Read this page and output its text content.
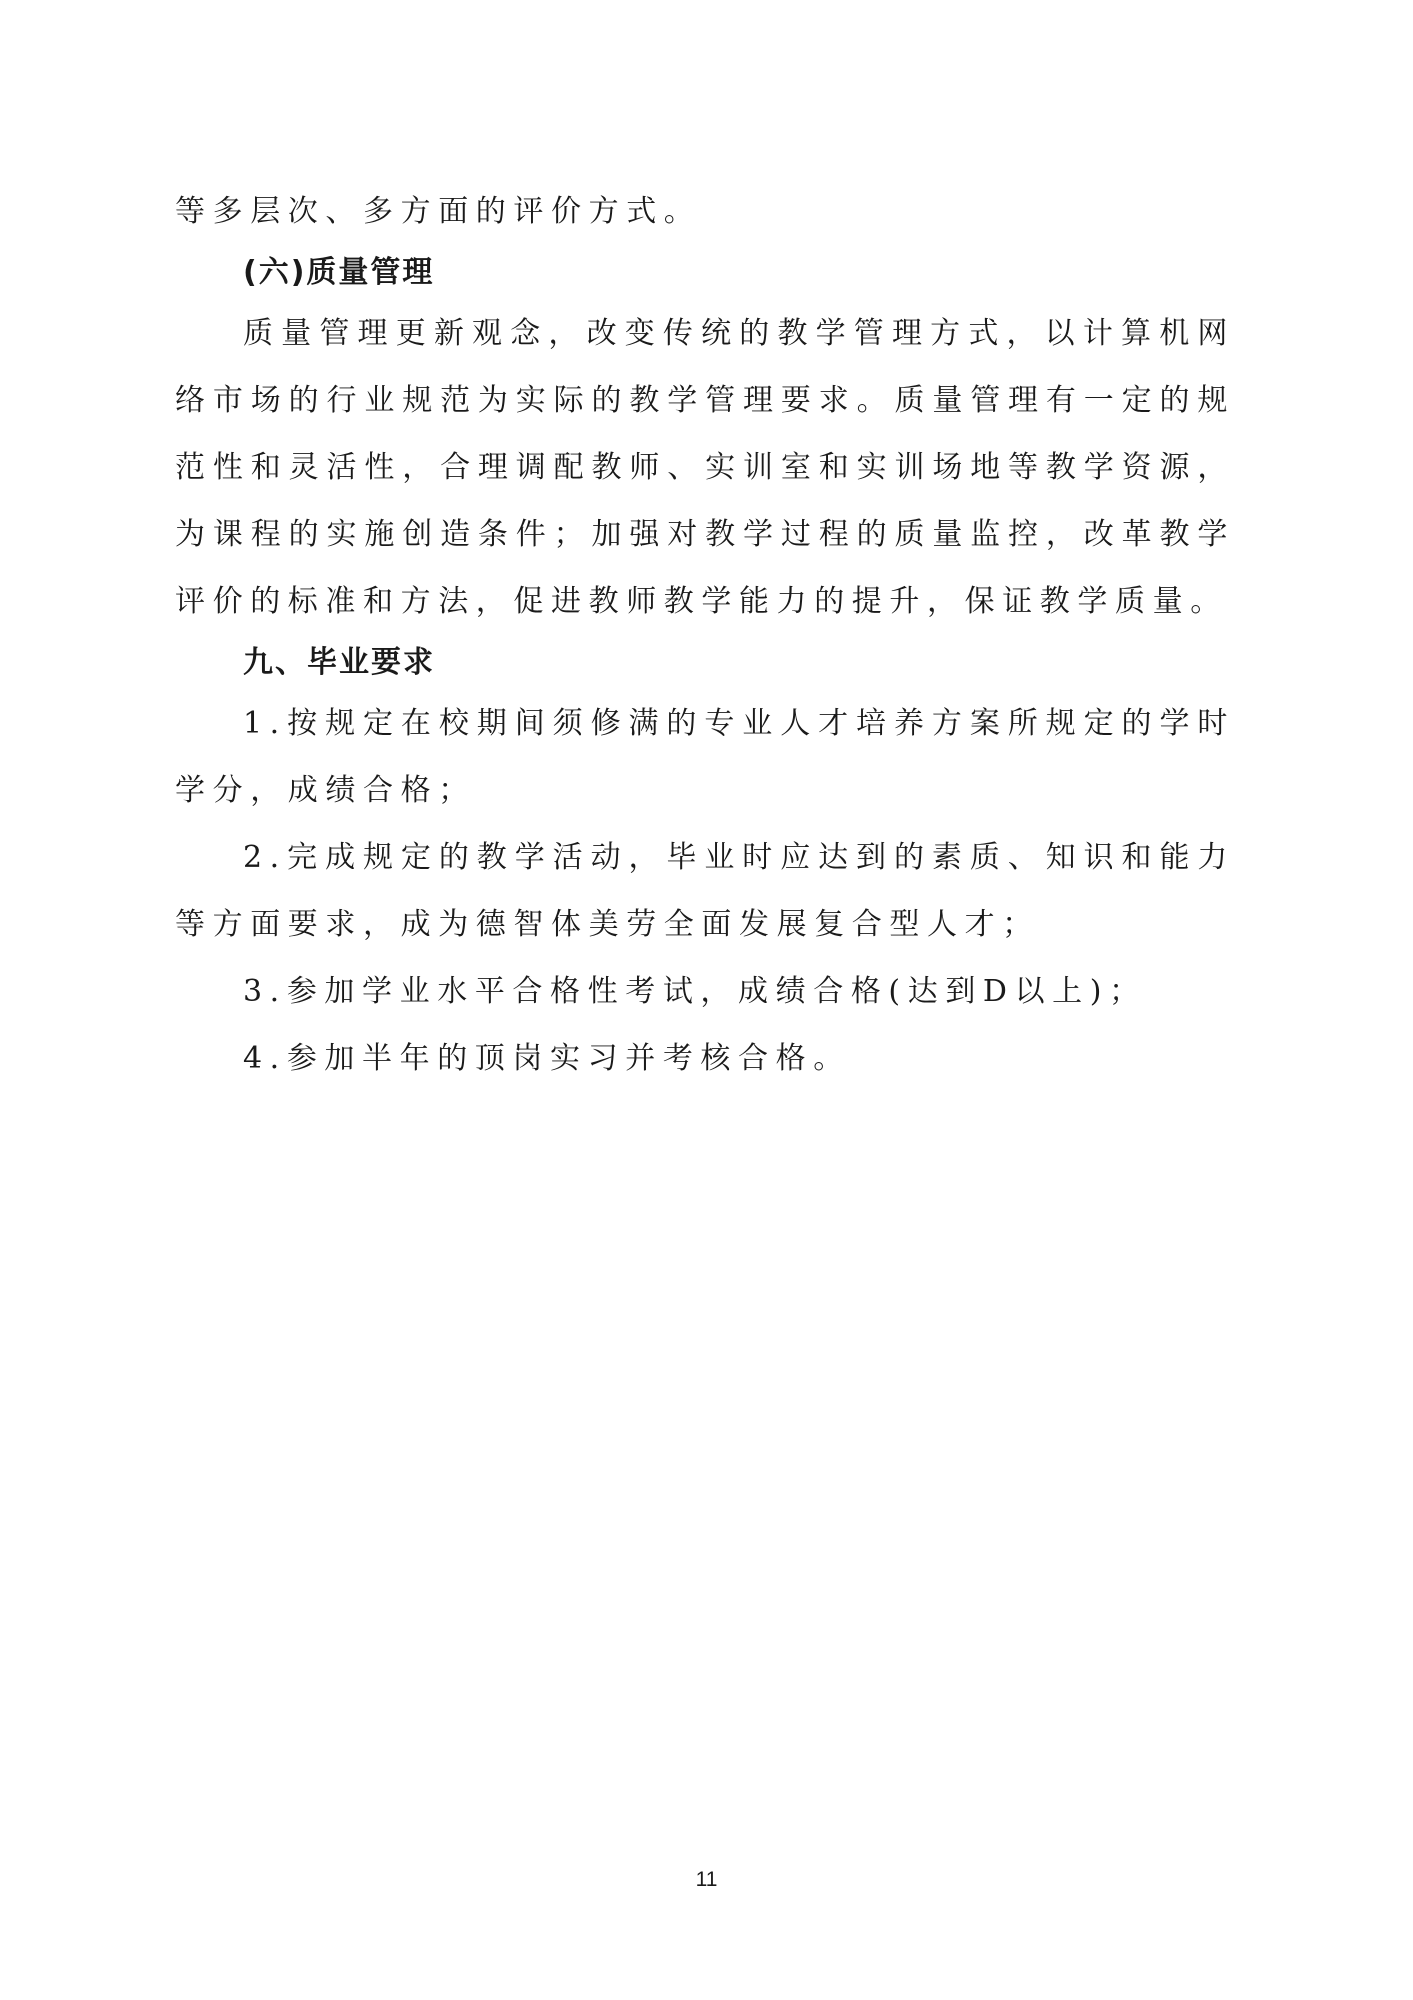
等多层次、多方面的评价方式。

(六)质量管理

质量管理更新观念，改变传统的教学管理方式，以计算机网络市场的行业规范为实际的教学管理要求。质量管理有一定的规范性和灵活性，合理调配教师、实训室和实训场地等教学资源，为课程的实施创造条件；加强对教学过程的质量监控，改革教学评价的标准和方法，促进教师教学能力的提升，保证教学质量。

九、毕业要求

1.按规定在校期间须修满的专业人才培养方案所规定的学时学分，成绩合格；

2.完成规定的教学活动，毕业时应达到的素质、知识和能力等方面要求，成为德智体美劳全面发展复合型人才；

3.参加学业水平合格性考试，成绩合格(达到D以上)；

4.参加半年的顶岗实习并考核合格。

11
